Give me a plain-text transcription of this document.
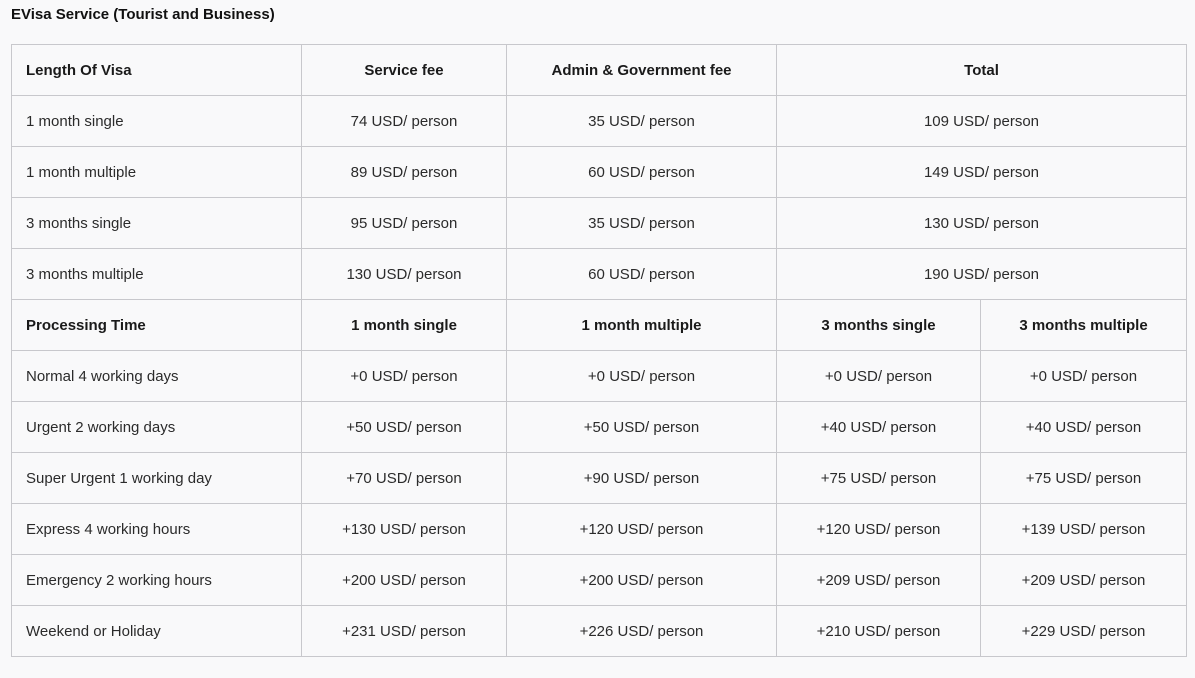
EVisa Service (Tourist and Business)
Length Of Visa	Service fee	Admin & Government fee	Total	
1 month single	74 USD/ person	35 USD/ person	109 USD/ person	
1 month multiple	89 USD/ person	60 USD/ person	149 USD/ person	
3 months single	95 USD/ person	35 USD/ person	130 USD/ person	
3 months multiple	130 USD/ person	60 USD/ person	190 USD/ person	
Processing Time	1 month single	1 month multiple	3 months single	3 months multiple
Normal 4 working days	+0 USD/ person	+0 USD/ person	+0 USD/ person	+0 USD/ person
Urgent 2 working days	+50 USD/ person	+50 USD/ person	+40 USD/ person	+40 USD/ person
Super Urgent 1 working day	+70 USD/ person	+90 USD/ person	+75 USD/ person	+75 USD/ person
Express 4 working hours	+130 USD/ person	+120 USD/ person	+120 USD/ person	+139 USD/ person
Emergency 2 working hours	+200 USD/ person	+200 USD/ person	+209 USD/ person	+209 USD/ person
Weekend or Holiday	+231 USD/ person	+226 USD/ person	+210 USD/ person	+229 USD/ person
